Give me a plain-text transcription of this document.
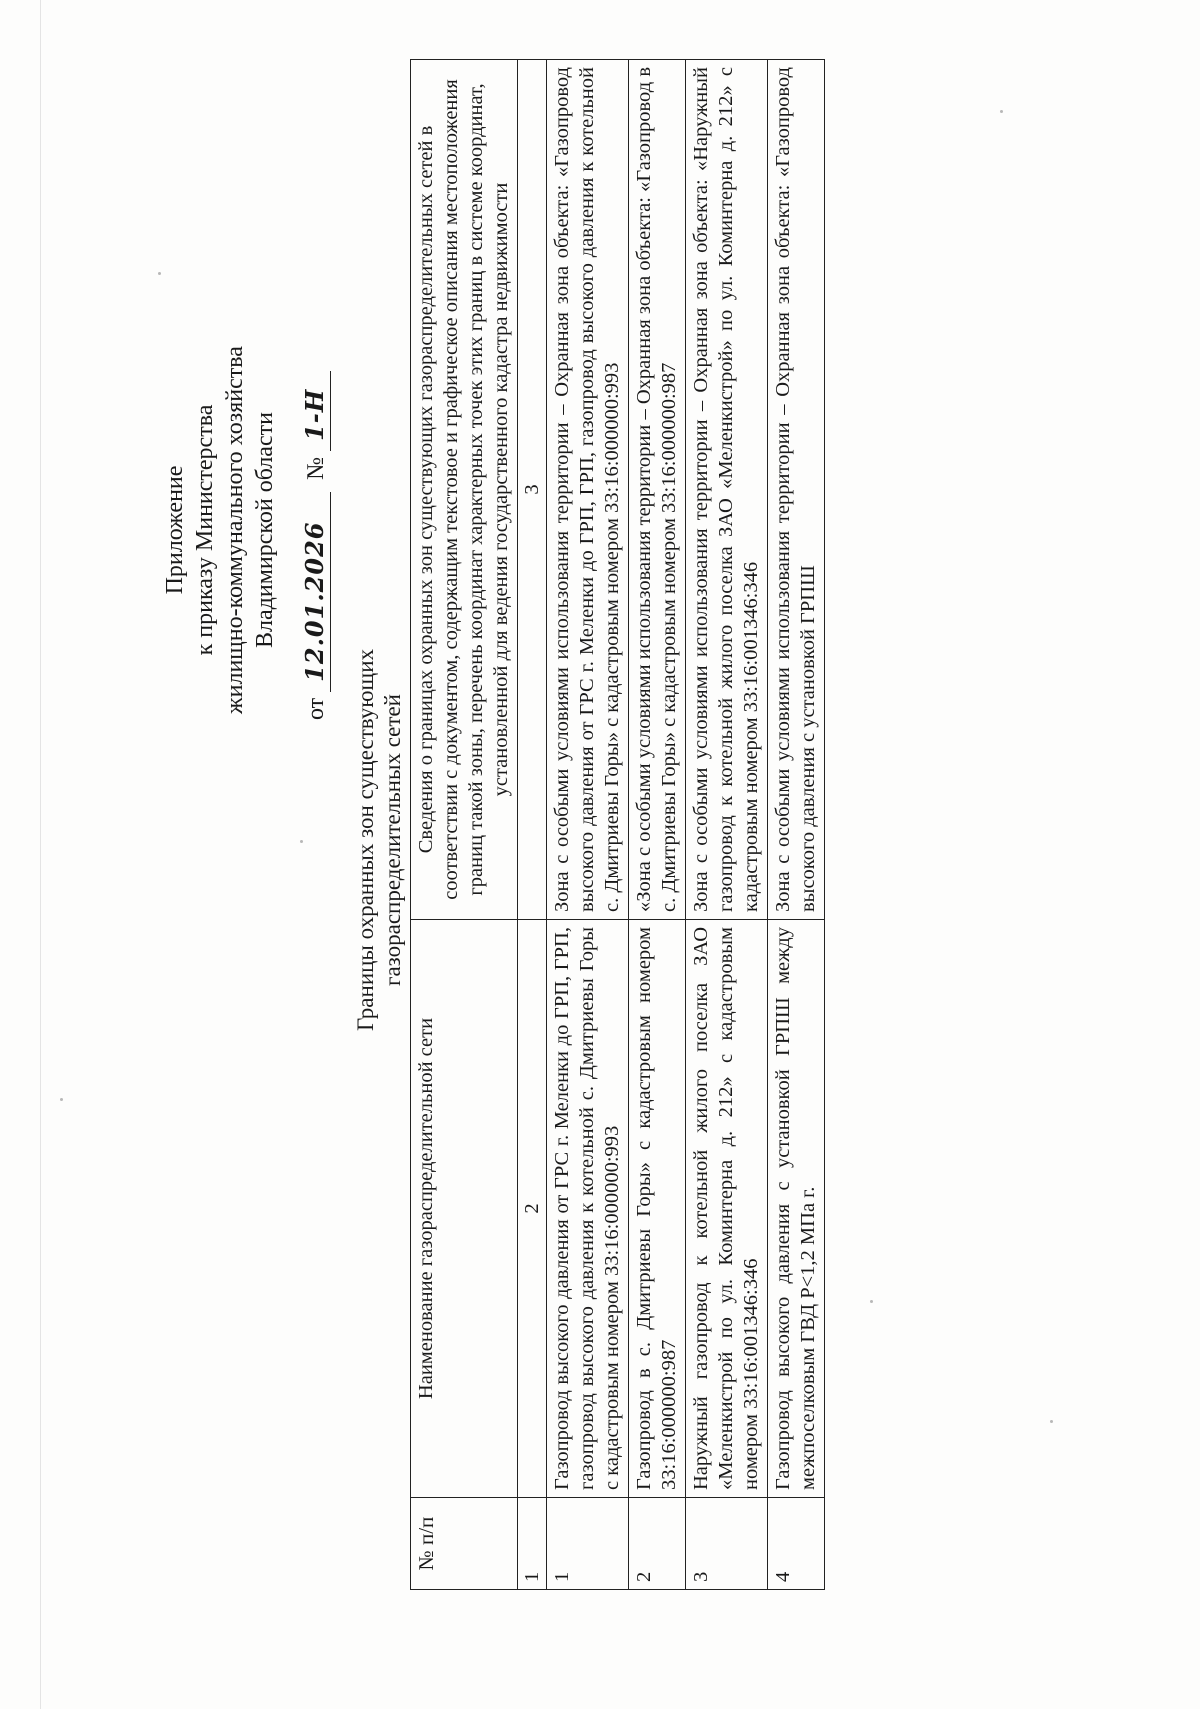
Приложение к приказу Министерства жилищно-коммунального хозяйства Владимирской области
от 12.01.2026  № 1-Н
Границы охранных зон существующих газораспределительных сетей
№ п/п	Наименование газораспределительной сети	Сведения о границах охранных зон существующих газораспределительных сетей в соответствии с документом, содержащим текстовое и графическое описания местоположения границ такой зоны, перечень координат характерных точек этих границ в системе координат, установленной для ведения государственного кадастра недвижимости
1	2	3
1	Газопровод высокого давления от ГРС г. Меленки до ГРП, ГРП, газопровод высокого давления к котельной с. Дмитриевы Горы с кадастровым номером 33:16:000000:993	Зона с особыми условиями использования территории – Охранная зона объекта: «Газопровод высокого давления от ГРС г. Меленки до ГРП, ГРП, газопровод высокого давления к котельной с. Дмитриевы Горы» с кадастровым номером 33:16:000000:993
2	Газопровод в с. Дмитриевы Горы» с кадастровым номером 33:16:000000:987	«Зона с особыми условиями использования территории – Охранная зона объекта: «Газопровод в с. Дмитриевы Горы» с кадастровым номером 33:16:000000:987
3	Наружный газопровод к котельной жилого поселка ЗАО «Меленкистрой по ул. Коминтерна д. 212» с кадастровым номером 33:16:001346:346	Зона с особыми условиями использования территории – Охранная зона объекта: «Наружный газопровод к котельной жилого поселка ЗАО «Меленкистрой» по ул. Коминтерна д. 212» с кадастровым номером 33:16:001346:346
4	Газопровод высокого давления с установкой ГРПШ между межпоселковым ГВД Р<1,2 МПа г.	Зона с особыми условиями использования территории – Охранная зона объекта: «Газопровод высокого давления с установкой ГРПШ
